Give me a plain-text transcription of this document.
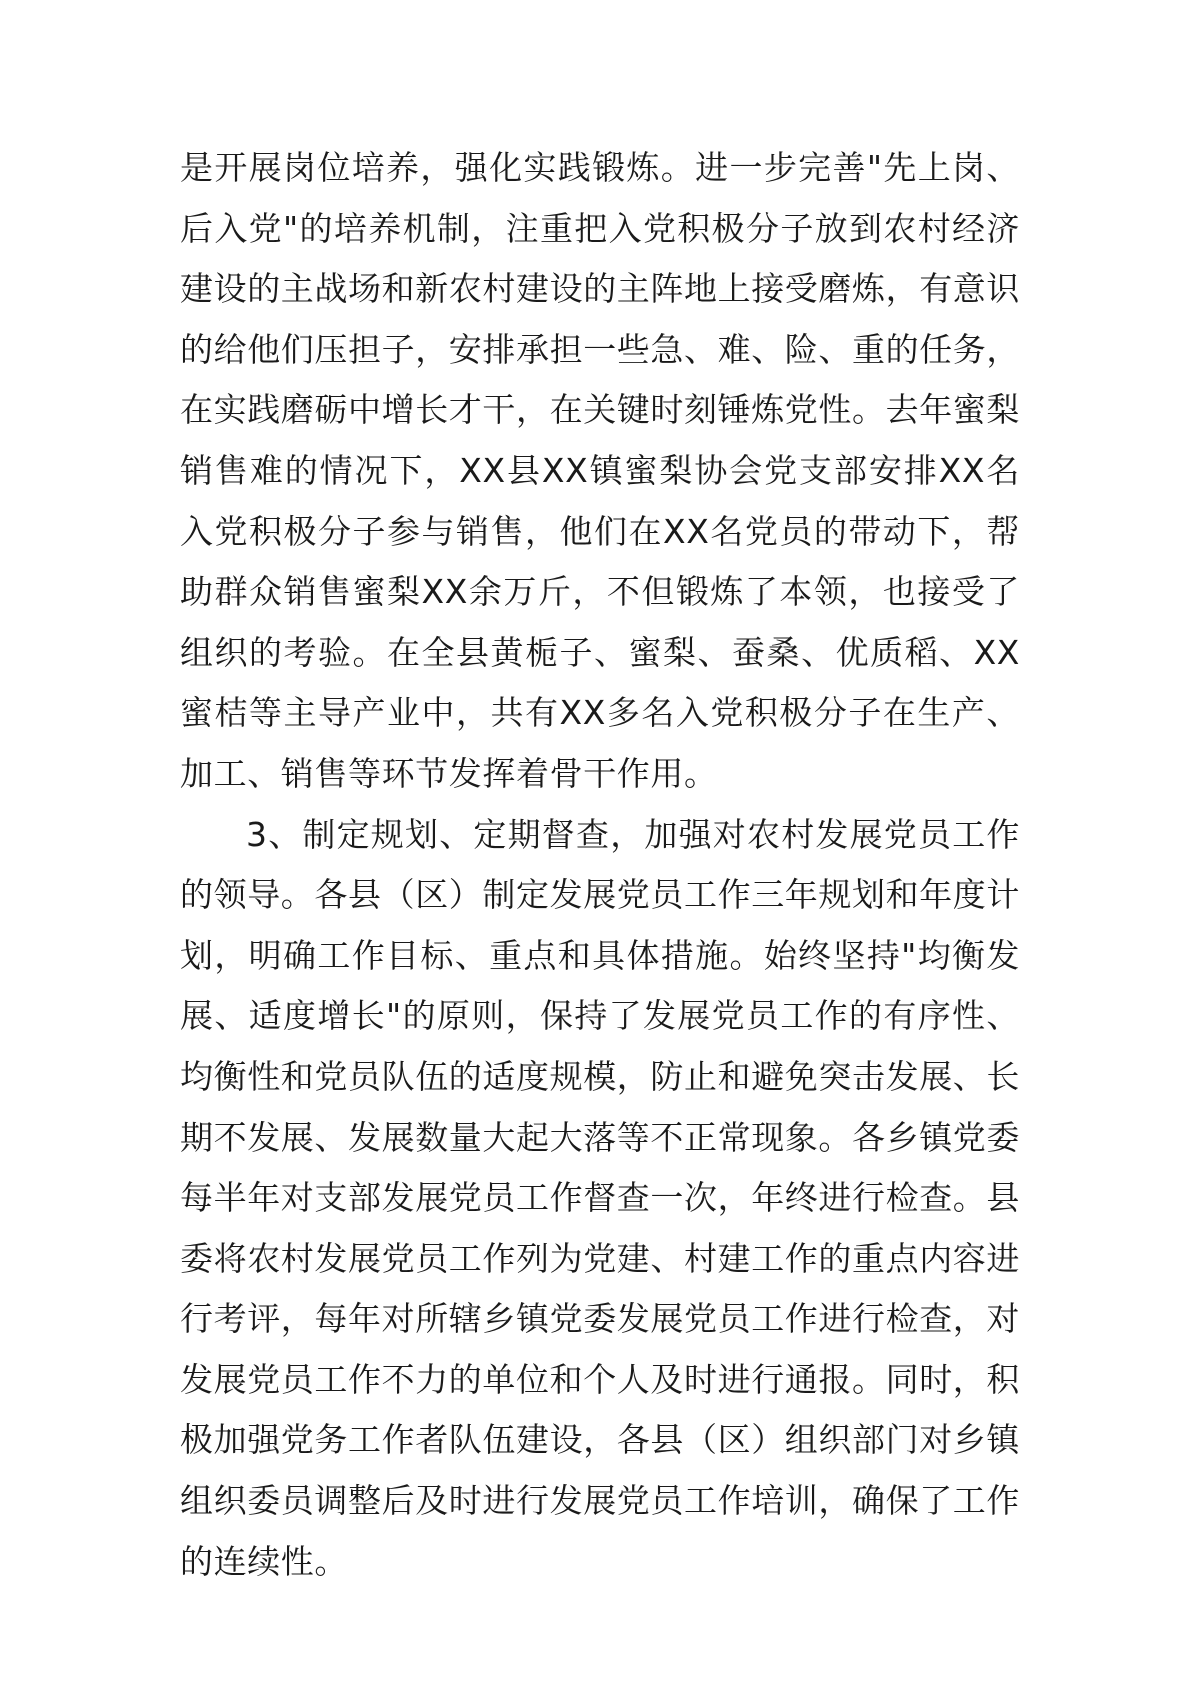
是开展岗位培养，强化实践锻炼。进一步完善"先上岗、后入党"的培养机制，注重把入党积极分子放到农村经济建设的主战场和新农村建设的主阵地上接受磨炼，有意识的给他们压担子，安排承担一些急、难、险、重的任务，在实践磨砺中增长才干，在关键时刻锤炼党性。去年蜜梨销售难的情况下，XX县XX镇蜜梨协会党支部安排XX名入党积极分子参与销售，他们在XX名党员的带动下，帮助群众销售蜜梨XX余万斤，不但锻炼了本领，也接受了组织的考验。在全县黄栀子、蜜梨、蚕桑、优质稻、XX蜜桔等主导产业中，共有XX多名入党积极分子在生产、加工、销售等环节发挥着骨干作用。

3、制定规划、定期督查，加强对农村发展党员工作的领导。各县（区）制定发展党员工作三年规划和年度计划，明确工作目标、重点和具体措施。始终坚持"均衡发展、适度增长"的原则，保持了发展党员工作的有序性、均衡性和党员队伍的适度规模，防止和避免突击发展、长期不发展、发展数量大起大落等不正常现象。各乡镇党委每半年对支部发展党员工作督查一次，年终进行检查。县委将农村发展党员工作列为党建、村建工作的重点内容进行考评，每年对所辖乡镇党委发展党员工作进行检查，对发展党员工作不力的单位和个人及时进行通报。同时，积极加强党务工作者队伍建设，各县（区）组织部门对乡镇组织委员调整后及时进行发展党员工作培训，确保了工作的连续性。
